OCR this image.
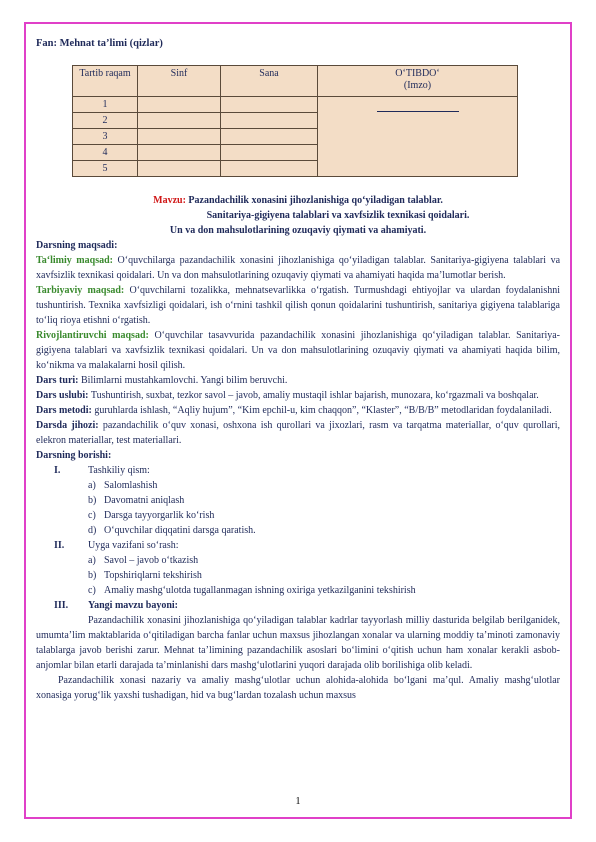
Fan: Mehnat ta’limi (qizlar)
Tartib raqam	Sinf	Sana	O‘TIBDO‘
(Imzo)
1			
2			
3			
4			
5			
Mavzu: Pazandachilik xonasini jihozlanishiga qo‘yiladigan talablar.
Sanitariya-gigiyena talablari va xavfsizlik texnikasi qoidalari.
Un va don mahsulotlarining ozuqaviy qiymati va ahamiyati.

Darsning maqsadi:

Ta‘limiy maqsad: O‘quvchilarga pazandachilik xonasini jihozlanishiga qo‘yiladigan talablar. Sanitariya-gigiyena talablari va xavfsizlik texnikasi qoidalari. Un va don mahsulotlarining ozuqaviy qiymati va ahamiyati haqida ma’lumotlar berish.

Tarbiyaviy maqsad: O‘quvchilarni tozalikka, mehnatsevarlikka o‘rgatish. Turmushdagi ehtiyojlar va ulardan foydalanishni tushuntirish. Texnika xavfsizligi qoidalari, ish o‘rnini tashkil qilish qonun qoidalarini tushuntirish, sanitariya gigiyena talablariga to‘liq rioya etishni o‘rgatish.

Rivojlantiruvchi maqsad: O‘quvchilar tasavvurida pazandachilik xonasini jihozlanishiga qo‘yiladigan talablar. Sanitariya-gigiyena talablari va xavfsizlik texnikasi qoidalari. Un va don mahsulotlarining ozuqaviy qiymati va ahamiyati haqida bilim, ko‘nikma va malakalarni hosil qilish.

Dars turi: Bilimlarni mustahkamlovchi. Yangi bilim beruvchi.

Dars uslubi: Tushuntirish, suxbat, tezkor savol – javob, amaliy mustaqil ishlar bajarish, munozara, ko‘rgazmali va boshqalar.

Dars metodi: guruhlarda ishlash, “Aqliy hujum”, “Kim epchil-u, kim chaqqon”, “Klaster”, “B/B/B” metodlaridan foydalaniladi.

Darsda jihozi: pazandachilik o‘quv xonasi, oshxona ish qurollari va jixozlari, rasm va tarqatma materiallar, o‘quv qurollari, elekron materiallar, test materiallari.

Darsning borishi:

I.	Tashkiliy qism:
a) Salomlashish
b) Davomatni aniqlash
c) Darsga tayyorgarlik ko‘rish
d) O‘quvchilar diqqatini darsga qaratish.
II.	Uyga vazifani so‘rash:
a) Savol – javob o‘tkazish
b) Topshiriqlarni tekshirish
c) Amaliy mashg‘ulotda tugallanmagan ishning oxiriga yetkazilganini tekshirish
III.	Yangi mavzu bayoni:

Pazandachilik xonasini jihozlanishiga qo‘yiladigan talablar kadrlar tayyorlash milliy dasturida belgilab berilganidek, umumta’lim maktablarida o‘qitiladigan barcha fanlar uchun maxsus jihozlangan xonalar va ularning moddiy ta’minoti zamonaviy talablarga javob berishi zarur. Mehnat ta’limining pazandachilik asoslari bo‘limini o‘qitish uchun ham xonalar kerakli asbob-anjomlar bilan etarli darajada ta’minlanishi dars mashg‘ulotlarini yuqori darajada olib borilishiga olib keladi.

Pazandachilik xonasi nazariy va amaliy mashg‘ulotlar uchun alohida-alohida bo‘lgani ma’qul. Amaliy mashg‘ulotlar xonasiga yorug‘lik yaxshi tushadigan, hid va bug‘lardan tozalash uchun maxsus

1
